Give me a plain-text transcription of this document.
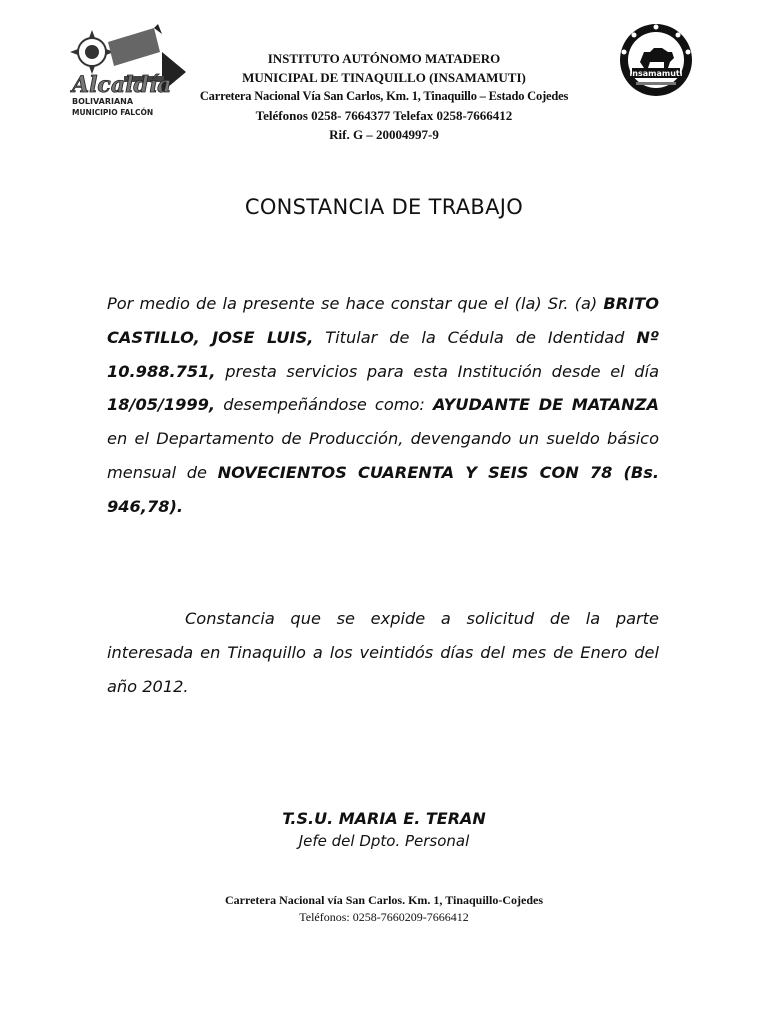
Alcaldía
BOLIVARIANA
MUNICIPIO FALCÓN
insamamuti
INSTITUTO AUTÓNOMO MATADERO
MUNICIPAL DE TINAQUILLO (INSAMAMUTI)
Carretera Nacional Vía San Carlos, Km. 1, Tinaquillo – Estado Cojedes
Teléfonos 0258- 7664377 Telefax 0258-7666412
Rif. G – 20004997-9
CONSTANCIA DE TRABAJO
Por medio de la presente se hace constar que el (la) Sr. (a) BRITO CASTILLO, JOSE LUIS, Titular de la Cédula de Identidad Nº 10.988.751, presta servicios para esta Institución desde el día 18/05/1999, desempeñándose como: AYUDANTE DE MATANZA en el Departamento de Producción, devengando un sueldo básico mensual de NOVECIENTOS CUARENTA Y SEIS CON 78 (Bs. 946,78).
Constancia que se expide a solicitud de la parte interesada en Tinaquillo a los veintidós días del mes de Enero del año 2012.
T.S.U. MARIA E. TERAN
Jefe del Dpto. Personal
Carretera Nacional vía San Carlos. Km. 1, Tinaquillo-Cojedes
Teléfonos: 0258-7660209-7666412
